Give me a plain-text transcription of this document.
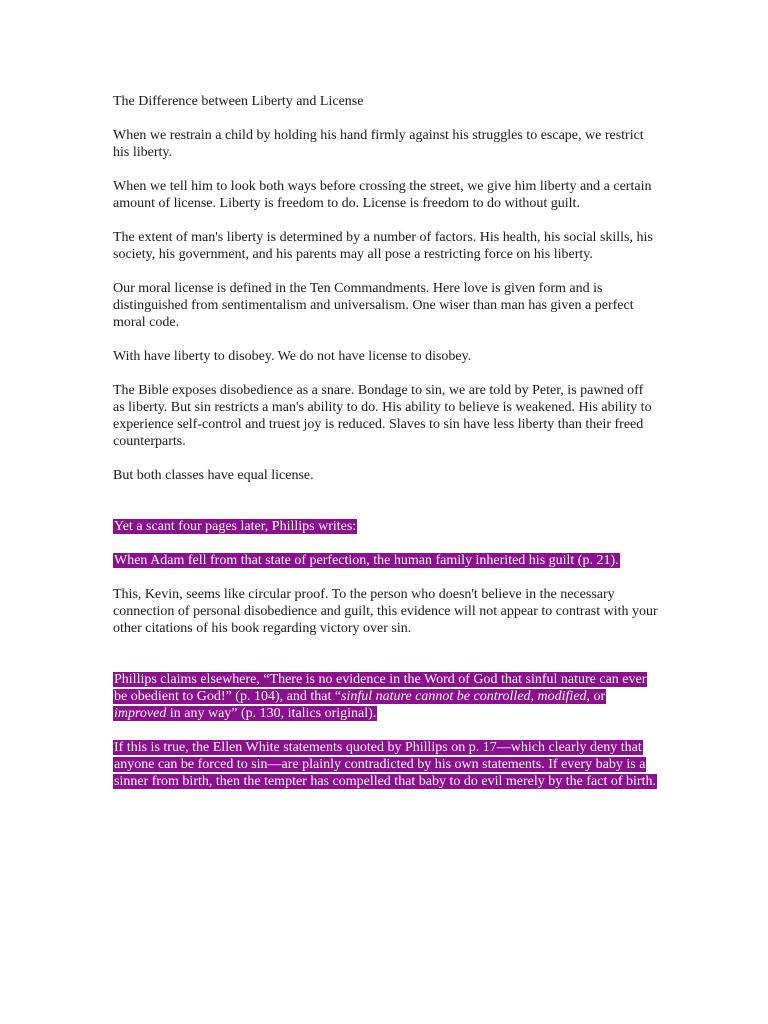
The Difference between Liberty and License
When we restrain a child by holding his hand firmly against his struggles to escape, we restrict his liberty.
When we tell him to look both ways before crossing the street, we give him liberty and a certain amount of license. Liberty is freedom to do. License is freedom to do without guilt.
The extent of man's liberty is determined by a number of factors. His health, his social skills, his society, his government, and his parents may all pose a restricting force on his liberty.
Our moral license is defined in the Ten Commandments. Here love is given form and is distinguished from sentimentalism and universalism. One wiser than man has given a perfect moral code.
With have liberty to disobey. We do not have license to disobey.
The Bible exposes disobedience as a snare. Bondage to sin, we are told by Peter, is pawned off as liberty. But sin restricts a man's ability to do. His ability to believe is weakened. His ability to experience self-control and truest joy is reduced. Slaves to sin have less liberty than their freed counterparts.
But both classes have equal license.
Yet a scant four pages later, Phillips writes:
When Adam fell from that state of perfection, the human family inherited his guilt (p. 21).
This, Kevin, seems like circular proof. To the person who doesn't believe in the necessary connection of personal disobedience and guilt, this evidence will not appear to contrast with your other citations of his book regarding victory over sin.
Phillips claims elsewhere, “There is no evidence in the Word of God that sinful nature can ever be obedient to God!” (p. 104), and that “sinful nature cannot be controlled, modified, or improved in any way” (p. 130, italics original).
If this is true, the Ellen White statements quoted by Phillips on p. 17—which clearly deny that anyone can be forced to sin—are plainly contradicted by his own statements. If every baby is a sinner from birth, then the tempter has compelled that baby to do evil merely by the fact of birth.
